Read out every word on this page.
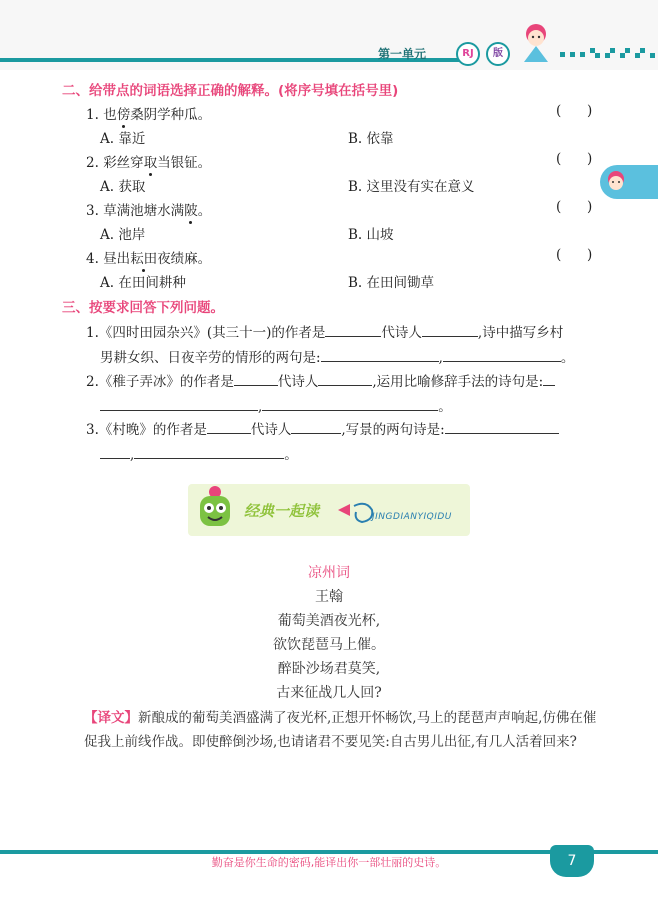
第一单元	RJ	版
二、给带点的词语选择正确的解释。(将序号填在括号里)
1. 也傍桑阴学种瓜。	(      )
A. 靠近	B. 依靠
2. 彩丝穿取当银钲。	(      )
A. 获取	B. 这里没有实在意义
3. 草满池塘水满陂。	(      )
A. 池岸	B. 山坡
4. 昼出耘田夜绩麻。	(      )
A. 在田间耕种	B. 在田间锄草
三、按要求回答下列问题。
1.《四时田园杂兴》(其三十一)的作者是	代诗人	,诗中描写乡村
男耕女织、日夜辛劳的情形的两句是:	,	。
2.《稚子弄冰》的作者是	代诗人	,运用比喻修辞手法的诗句是:
,	。
3.《村晚》的作者是	代诗人	,写景的两句诗是:
,	。
经典一起读	JINGDIANYIQIDU
凉州词
王翰
葡萄美酒夜光杯,
欲饮琵琶马上催。
醉卧沙场君莫笑,
古来征战几人回?
【译文】新酿成的葡萄美酒盛满了夜光杯,正想开怀畅饮,马上的琵琶声声响起,仿佛在催促我上前线作战。即使醉倒沙场,也请诸君不要见笑:自古男儿出征,有几人活着回来?
勤奋是你生命的密码,能译出你一部壮丽的史诗。	7
